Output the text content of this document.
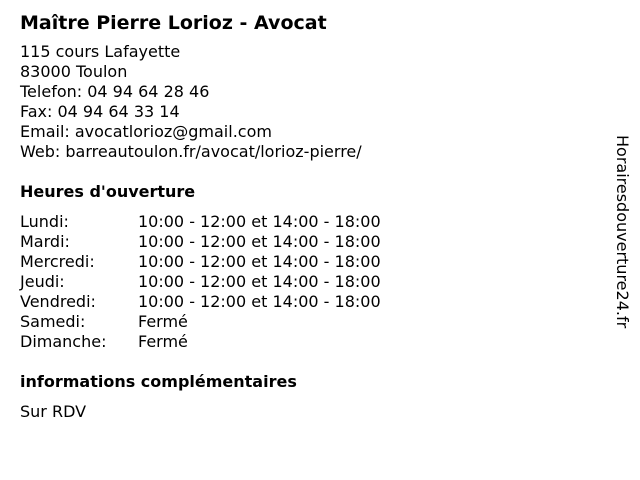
Maître Pierre Lorioz - Avocat
115 cours Lafayette
83000 Toulon
Telefon: 04 94 64 28 46
Fax: 04 94 64 33 14
Email: avocatlorioz@gmail.com
Web: barreautoulon.fr/avocat/lorioz-pierre/
Heures d'ouverture
Lundi:	10:00 - 12:00 et 14:00 - 18:00
Mardi:	10:00 - 12:00 et 14:00 - 18:00
Mercredi:	10:00 - 12:00 et 14:00 - 18:00
Jeudi:	10:00 - 12:00 et 14:00 - 18:00
Vendredi:	10:00 - 12:00 et 14:00 - 18:00
Samedi:	Fermé
Dimanche:	Fermé
informations complémentaires
Sur RDV
Horairesdouverture24.fr
